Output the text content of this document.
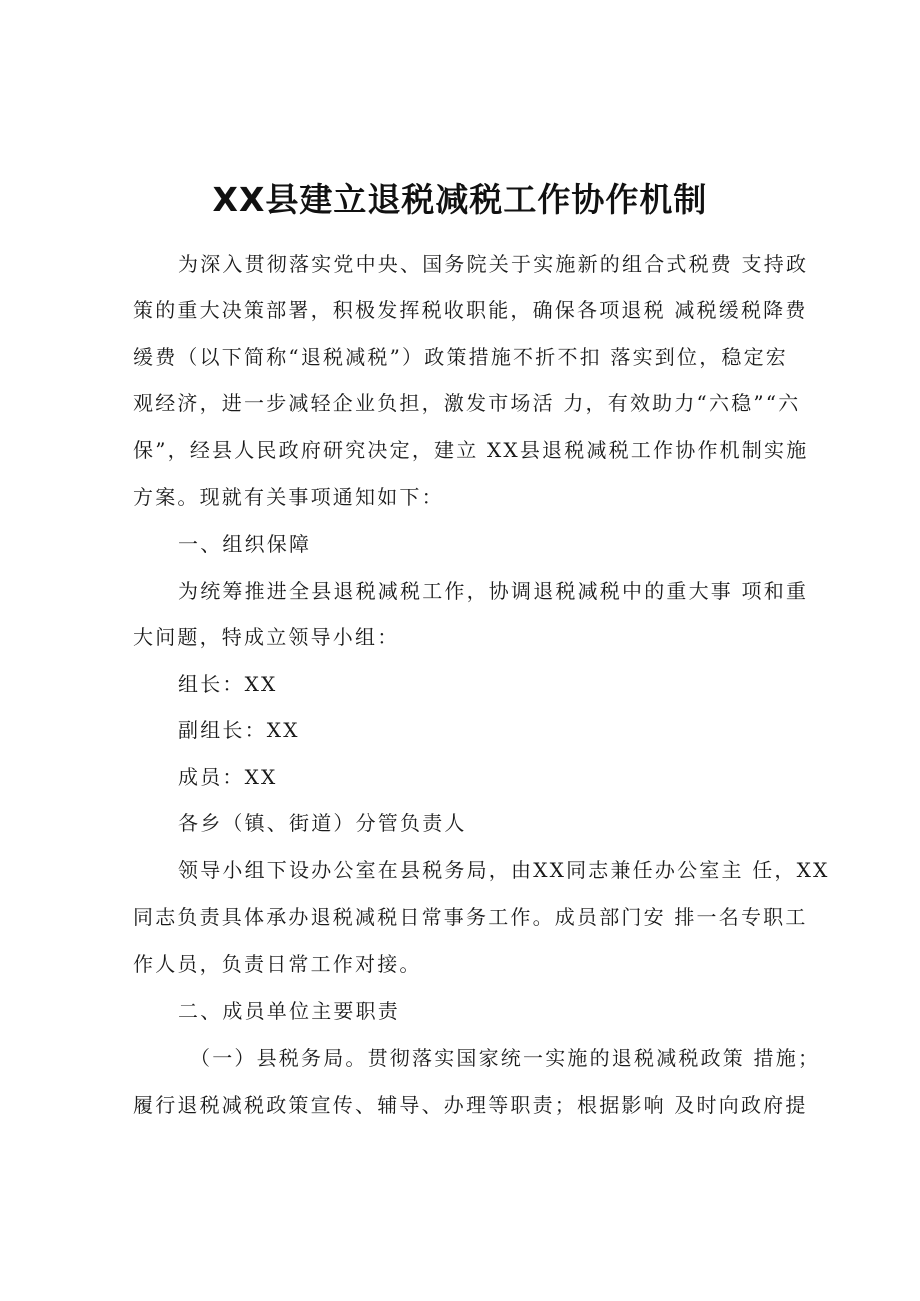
XX县建立退税减税工作协作机制
为深入贯彻落实党中央、国务院关于实施新的组合式税费 支持政
策的重大决策部署，积极发挥税收职能，确保各项退税 减税缓税降费
缓费（以下简称“退税减税”）政策措施不折不扣 落实到位，稳定宏
观经济，进一步减轻企业负担，激发市场活 力，有效助力“六稳”“六
保”，经县人民政府研究决定，建立 XX县退税减税工作协作机制实施
方案。现就有关事项通知如下：
一、组织保障
为统筹推进全县退税减税工作，协调退税减税中的重大事 项和重
大问题，特成立领导小组：
组长：XX
副组长：XX
成员：XX
各乡（镇、街道）分管负责人
领导小组下设办公室在县税务局，由XX同志兼任办公室主 任，XX
同志负责具体承办退税减税日常事务工作。成员部门安 排一名专职工
作人员，负责日常工作对接。
二、成员单位主要职责
（一）县税务局。贯彻落实国家统一实施的退税减税政策 措施；
履行退税减税政策宣传、辅导、办理等职责；根据影响 及时向政府提
